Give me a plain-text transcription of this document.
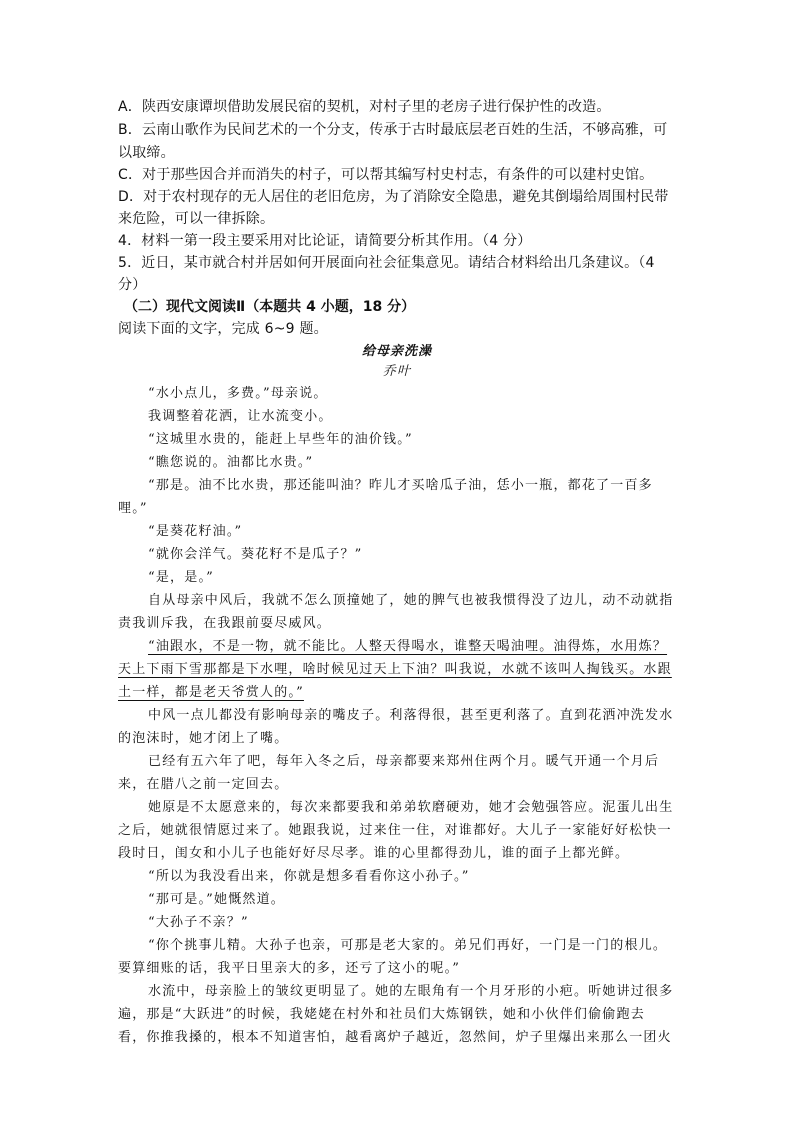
A．陕西安康谭坝借助发展民宿的契机，对村子里的老房子进行保护性的改造。
B．云南山歌作为民间艺术的一个分支，传承于古时最底层老百姓的生活，不够高雅，可
以取缔。
C．对于那些因合并而消失的村子，可以帮其编写村史村志，有条件的可以建村史馆。
D．对于农村现存的无人居住的老旧危房，为了消除安全隐患，避免其倒塌给周围村民带
来危险，可以一律拆除。
4．材料一第一段主要采用对比论证，请简要分析其作用。（4 分）
5．近日，某市就合村并居如何开展面向社会征集意见。请结合材料给出几条建议。（4
分）
（二）现代文阅读Ⅱ（本题共 4 小题，18 分）
阅读下面的文字，完成 6~9 题。
给母亲洗澡
乔叶
“水小点儿，多费。”母亲说。
我调整着花洒，让水流变小。
“这城里水贵的，能赶上早些年的油价钱。”
“瞧您说的。油都比水贵。”
“那是。油不比水贵，那还能叫油？昨儿才买啥瓜子油，恁小一瓶，都花了一百多
哩。”
“是葵花籽油。”
“就你会洋气。葵花籽不是瓜子？”
“是，是。”
自从母亲中风后，我就不怎么顶撞她了，她的脾气也被我惯得没了边儿，动不动就指
责我训斥我，在我跟前耍尽威风。
“油跟水，不是一物，就不能比。人整天得喝水，谁整天喝油哩。油得炼，水用炼？
天上下雨下雪那都是下水哩，啥时候见过天上下油？叫我说，水就不该叫人掏钱买。水跟
土一样，都是老天爷赏人的。”
中风一点儿都没有影响母亲的嘴皮子。利落得很，甚至更利落了。直到花洒冲洗发水
的泡沫时，她才闭上了嘴。
已经有五六年了吧，每年入冬之后，母亲都要来郑州住两个月。暖气开通一个月后
来，在腊八之前一定回去。
她原是不太愿意来的，每次来都要我和弟弟软磨硬劝，她才会勉强答应。泥蛋儿出生
之后，她就很情愿过来了。她跟我说，过来住一住，对谁都好。大儿子一家能好好松快一
段时日，闺女和小儿子也能好好尽尽孝。谁的心里都得劲儿，谁的面子上都光鲜。
“所以为我没看出来，你就是想多看看你这小孙子。”
“那可是。”她慨然道。
“大孙子不亲？”
“你个挑事儿精。大孙子也亲，可那是老大家的。弟兄们再好，一门是一门的根儿。
要算细账的话，我平日里亲大的多，还亏了这小的呢。”
水流中，母亲脸上的皱纹更明显了。她的左眼角有一个月牙形的小疤。听她讲过很多
遍，那是“大跃进”的时候，我姥姥在村外和社员们大炼钢铁，她和小伙伴们偷偷跑去
看，你推我搡的，根本不知道害怕，越看离炉子越近，忽然间，炉子里爆出来那么一团火
